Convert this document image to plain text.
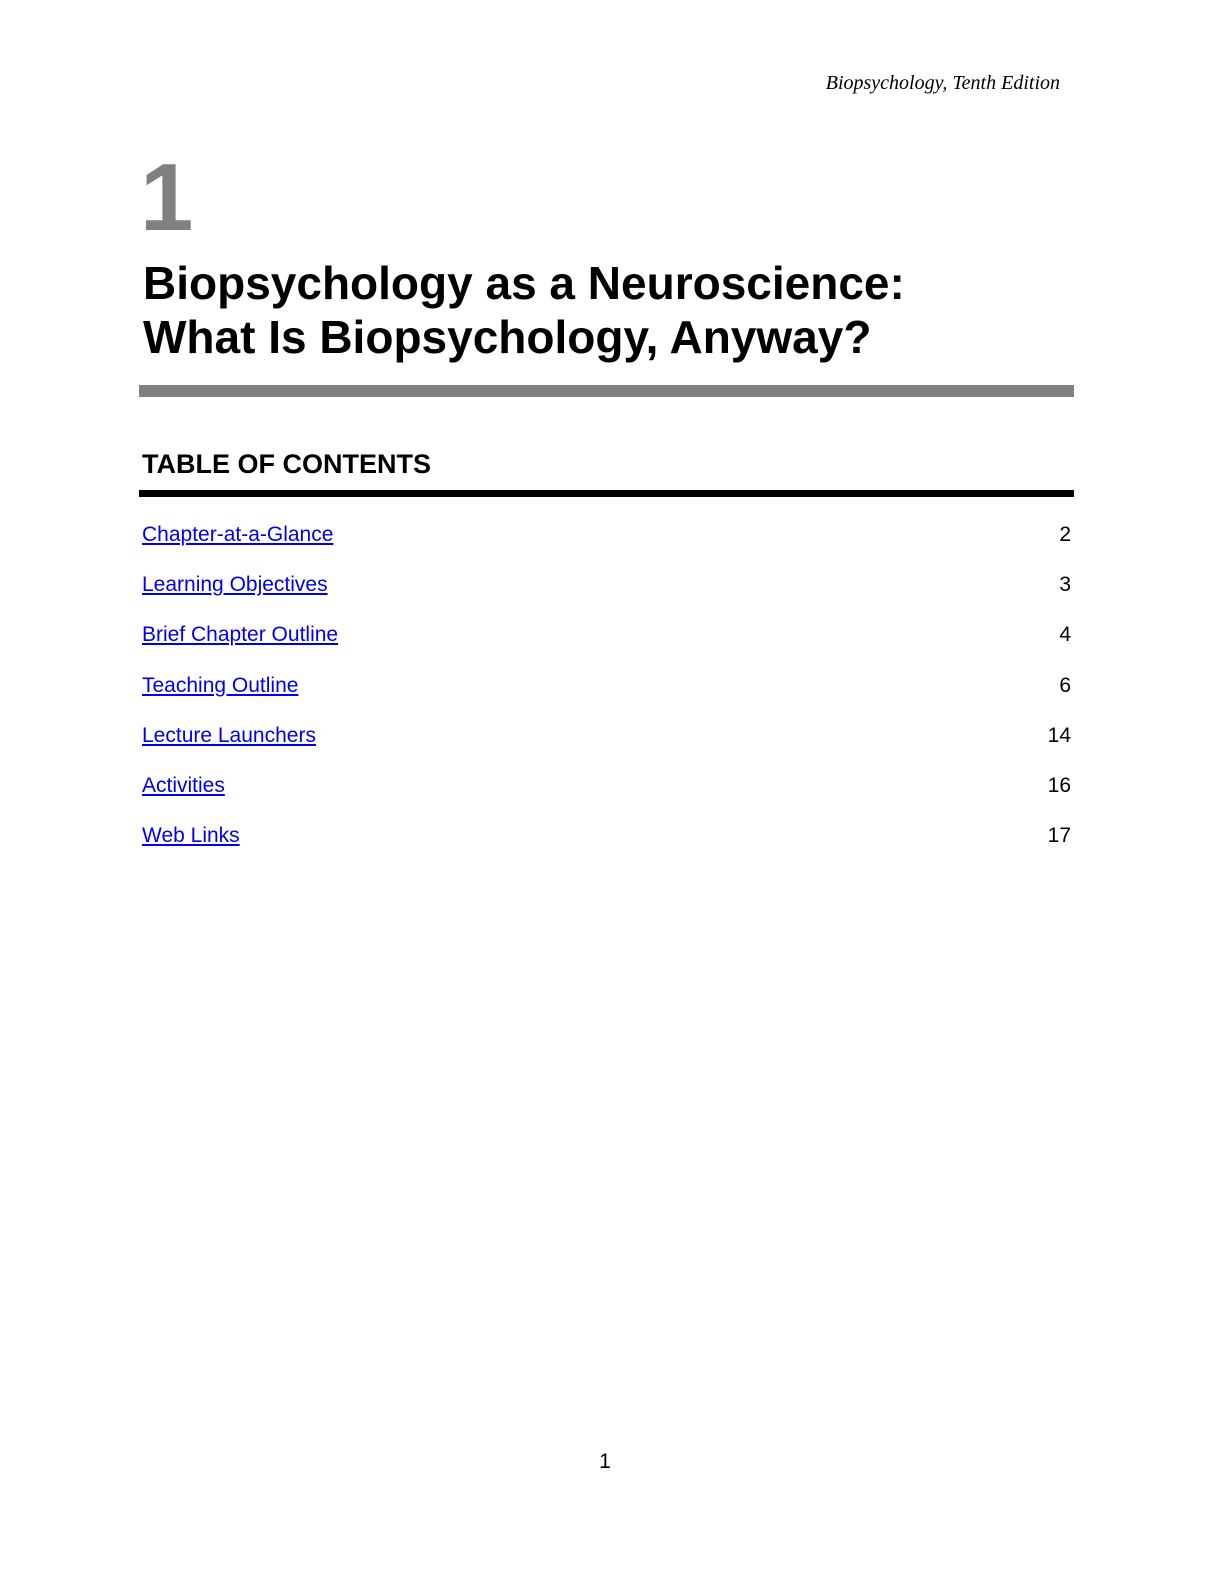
Biopsychology, Tenth Edition
1
Biopsychology as a Neuroscience:
What Is Biopsychology, Anyway?
TABLE OF CONTENTS
Chapter-at-a-Glance	2
Learning Objectives	3
Brief Chapter Outline	4
Teaching Outline	6
Lecture Launchers	14
Activities	16
Web Links	17
1
